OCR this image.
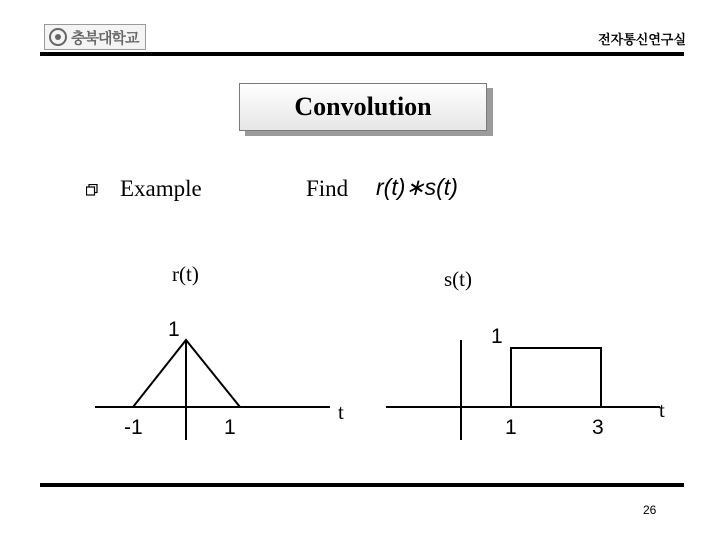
충북대학교	전자통신연구실
Convolution
Example	Find r(t)∗s(t)
r(t)
1
-1	1
t
s(t)
1
1	3
t
26
